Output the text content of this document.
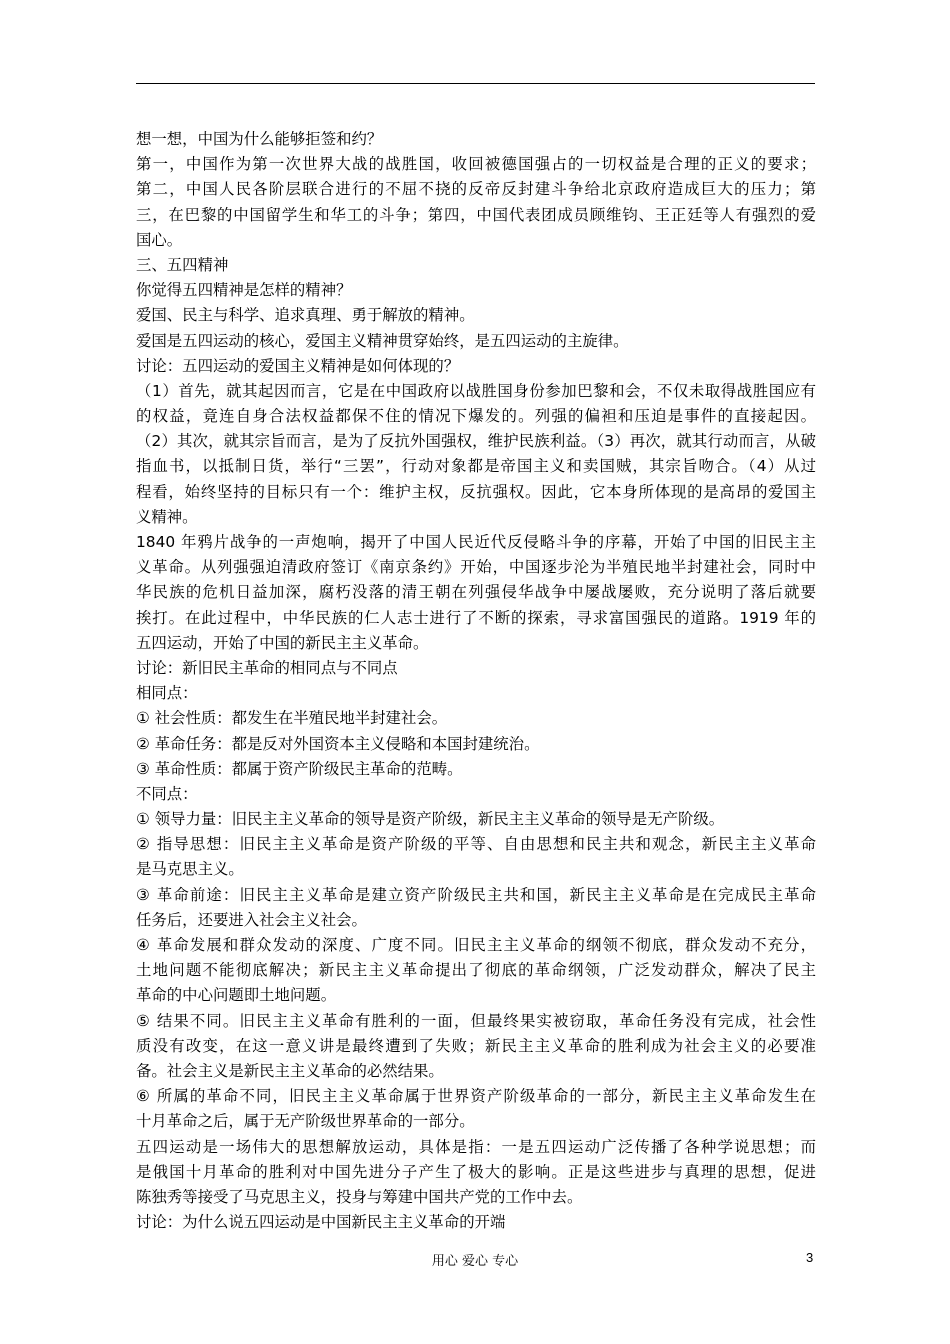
想一想，中国为什么能够拒签和约？
第一，中国作为第一次世界大战的战胜国，收回被德国强占的一切权益是合理的正义的要求；
第二，中国人民各阶层联合进行的不屈不挠的反帝反封建斗争给北京政府造成巨大的压力；第
三，在巴黎的中国留学生和华工的斗争；第四，中国代表团成员顾维钧、王正廷等人有强烈的爱
国心。
三、五四精神
你觉得五四精神是怎样的精神？
爱国、民主与科学、追求真理、勇于解放的精神。
爱国是五四运动的核心，爱国主义精神贯穿始终，是五四运动的主旋律。
讨论：五四运动的爱国主义精神是如何体现的？
（1）首先，就其起因而言，它是在中国政府以战胜国身份参加巴黎和会，不仅未取得战胜国应有
的权益，竟连自身合法权益都保不住的情况下爆发的。列强的偏袒和压迫是事件的直接起因。
（2）其次，就其宗旨而言，是为了反抗外国强权，维护民族利益。（3）再次，就其行动而言，从破
指血书，以抵制日货，举行“三罢”，行动对象都是帝国主义和卖国贼，其宗旨吻合。（4）从过
程看，始终坚持的目标只有一个：维护主权，反抗强权。因此，它本身所体现的是高昂的爱国主
义精神。
1840 年鸦片战争的一声炮响，揭开了中国人民近代反侵略斗争的序幕，开始了中国的旧民主主
义革命。从列强强迫清政府签订《南京条约》开始，中国逐步沦为半殖民地半封建社会，同时中
华民族的危机日益加深，腐朽没落的清王朝在列强侵华战争中屡战屡败，充分说明了落后就要
挨打。在此过程中，中华民族的仁人志士进行了不断的探索，寻求富国强民的道路。1919 年的
五四运动，开始了中国的新民主主义革命。
讨论：新旧民主革命的相同点与不同点
相同点：
① 社会性质：都发生在半殖民地半封建社会。
② 革命任务：都是反对外国资本主义侵略和本国封建统治。
③ 革命性质：都属于资产阶级民主革命的范畴。
不同点：
① 领导力量：旧民主主义革命的领导是资产阶级，新民主主义革命的领导是无产阶级。
② 指导思想：旧民主主义革命是资产阶级的平等、自由思想和民主共和观念，新民主主义革命
是马克思主义。
③ 革命前途：旧民主主义革命是建立资产阶级民主共和国，新民主主义革命是在完成民主革命
任务后，还要进入社会主义社会。
④ 革命发展和群众发动的深度、广度不同。旧民主主义革命的纲领不彻底，群众发动不充分，
土地问题不能彻底解决；新民主主义革命提出了彻底的革命纲领，广泛发动群众，解决了民主
革命的中心问题即土地问题。
⑤ 结果不同。旧民主主义革命有胜利的一面，但最终果实被窃取，革命任务没有完成，社会性
质没有改变，在这一意义讲是最终遭到了失败；新民主主义革命的胜利成为社会主义的必要准
备。社会主义是新民主主义革命的必然结果。
⑥ 所属的革命不同，旧民主主义革命属于世界资产阶级革命的一部分，新民主主义革命发生在
十月革命之后，属于无产阶级世界革命的一部分。
五四运动是一场伟大的思想解放运动，具体是指：一是五四运动广泛传播了各种学说思想；而
是俄国十月革命的胜利对中国先进分子产生了极大的影响。正是这些进步与真理的思想，促进
陈独秀等接受了马克思主义，投身与筹建中国共产党的工作中去。
讨论：为什么说五四运动是中国新民主主义革命的开端
用心 爱心 专心	3
